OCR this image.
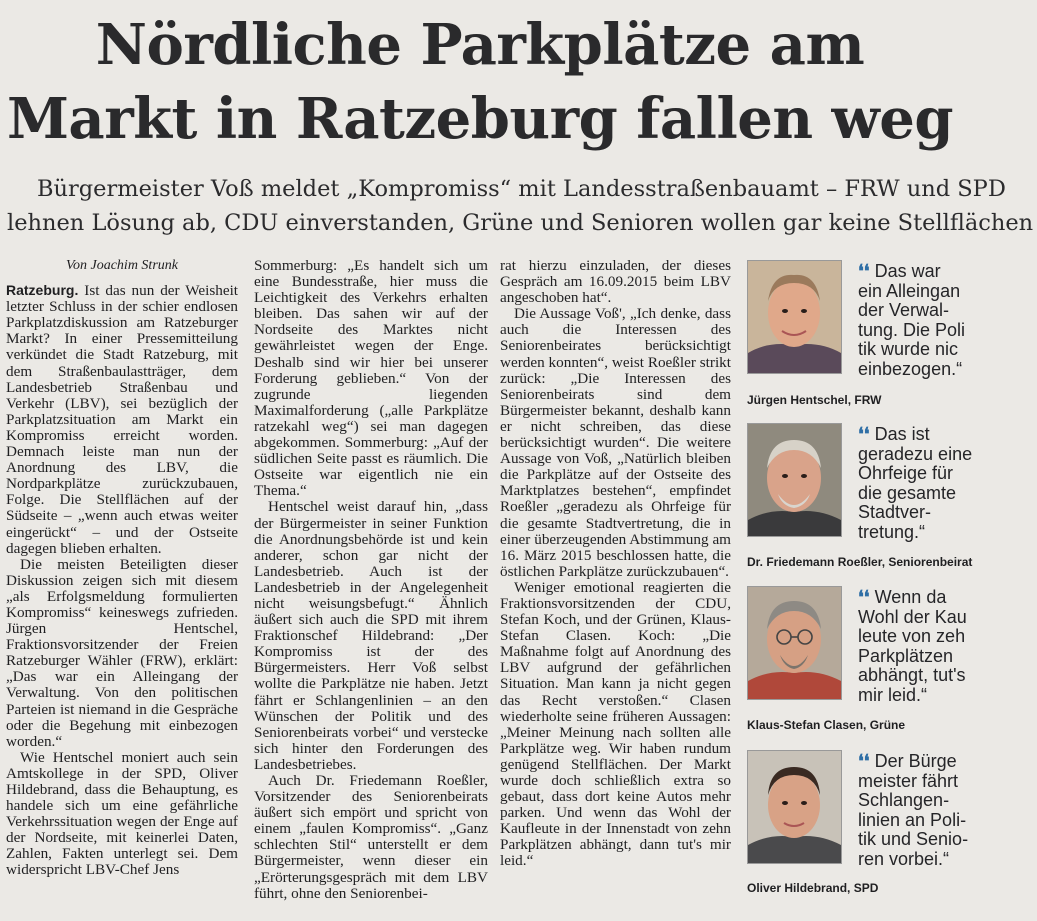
Nördliche Parkplätze am
Markt in Ratzeburg fallen weg
Bürgermeister Voß meldet „Kompromiss“ mit Landesstraßenbauamt – FRW und SPD
lehnen Lösung ab, CDU einverstanden, Grüne und Senioren wollen gar keine Stellflächen
Von Joachim Strunk

Ratzeburg. Ist das nun der Weisheit letzter Schluss in der schier endlosen Parkplatzdiskussion am Ratzeburger Markt? In einer Pressemitteilung verkündet die Stadt Ratzeburg, mit dem Straßenbaulastträger, dem Landesbetrieb Straßenbau und Verkehr (LBV), sei bezüglich der Parkplatzsituation am Markt ein Kompromiss erreicht worden. Demnach leiste man nun der Anordnung des LBV, die Nordparkplätze zurückzubauen, Folge. Die Stellflächen auf der Südseite – „wenn auch etwas weiter eingerückt“ – und der Ostseite dagegen blieben erhalten.

Die meisten Beteiligten dieser Diskussion zeigen sich mit diesem „als Erfolgsmeldung formulierten Kompromiss“ keineswegs zufrieden. Jürgen Hentschel, Fraktionsvorsitzender der Freien Ratzeburger Wähler (FRW), erklärt: „Das war ein Alleingang der Verwaltung. Von den politischen Parteien ist niemand in die Gespräche oder die Begehung mit einbezogen worden.“

Wie Hentschel moniert auch sein Amtskollege in der SPD, Oliver Hildebrand, dass die Behauptung, es handele sich um eine gefährliche Verkehrssituation wegen der Enge auf der Nordseite, mit keinerlei Daten, Zahlen, Fakten unterlegt sei. Dem widerspricht LBV-Chef Jens

Sommerburg: „Es handelt sich um eine Bundesstraße, hier muss die Leichtigkeit des Verkehrs erhalten bleiben. Das sahen wir auf der Nordseite des Marktes nicht gewährleistet wegen der Enge. Deshalb sind wir hier bei unserer Forderung geblieben.“ Von der zugrunde liegenden Maximalforderung („alle Parkplätze ratzekahl weg“) sei man dagegen abgekommen. Sommerburg: „Auf der südlichen Seite passt es räumlich. Die Ostseite war eigentlich nie ein Thema.“

Hentschel weist darauf hin, „dass der Bürgermeister in seiner Funktion die Anordnungsbehörde ist und kein anderer, schon gar nicht der Landesbetrieb. Auch ist der Landesbetrieb in der Angelegenheit nicht weisungsbefugt.“ Ähnlich äußert sich auch die SPD mit ihrem Fraktionschef Hildebrand: „Der Kompromiss ist der des Bürgermeisters. Herr Voß selbst wollte die Parkplätze nie haben. Jetzt fährt er Schlangenlinien – an den Wünschen der Politik und des Seniorenbeirats vorbei“ und verstecke sich hinter den Forderungen des Landesbetriebes.

Auch Dr. Friedemann Roeßler, Vorsitzender des Seniorenbeirats äußert sich empört und spricht von einem „faulen Kompromiss“. „Ganz schlechten Stil“ unterstellt er dem Bürgermeister, wenn dieser ein „Erörterungsgespräch mit dem LBV führt, ohne den Seniorenbei-

rat hierzu einzuladen, der dieses Gespräch am 16.09.2015 beim LBV angeschoben hat“.

Die Aussage Voß', „Ich denke, dass auch die Interessen des Seniorenbeirates berücksichtigt werden konnten“, weist Roeßler strikt zurück: „Die Interessen des Seniorenbeirats sind dem Bürgermeister bekannt, deshalb kann er nicht schreiben, das diese berücksichtigt wurden“. Die weitere Aussage von Voß, „Natürlich bleiben die Parkplätze auf der Ostseite des Marktplatzes bestehen“, empfindet Roeßler „geradezu als Ohrfeige für die gesamte Stadtvertretung, die in einer überzeugenden Abstimmung am 16. März 2015 beschlossen hatte, die östlichen Parkplätze zurückzubauen“.

Weniger emotional reagierten die Fraktionsvorsitzenden der CDU, Stefan Koch, und der Grünen, Klaus-Stefan Clasen. Koch: „Die Maßnahme folgt auf Anordnung des LBV aufgrund der gefährlichen Situation. Man kann ja nicht gegen das Recht verstoßen.“ Clasen wiederholte seine früheren Aussagen: „Meiner Meinung nach sollten alle Parkplätze weg. Wir haben rundum genügend Stellflächen. Der Markt wurde doch schließlich extra so gebaut, dass dort keine Autos mehr parken. Und wenn das Wohl der Kaufleute in der Innenstadt von zehn Parkplätzen abhängt, dann tut's mir leid.“

Jürgen Hentschel, FRW
❛❛ Das war
ein Alleingan
der Verwal-
tung. Die Poli
tik wurde nic
einbezogen.“
Dr. Friedemann Roeßler, Seniorenbeirat
❛❛ Das ist
geradezu eine
Ohrfeige für
die gesamte
Stadtver-
tretung.“
Klaus-Stefan Clasen, Grüne
❛❛ Wenn da
Wohl der Kau
leute von zeh
Parkplätzen
abhängt, tut's
mir leid.“
Oliver Hildebrand, SPD
❛❛ Der Bürge
meister fährt
Schlangen-
linien an Poli-
tik und Senio-
ren vorbei.“
